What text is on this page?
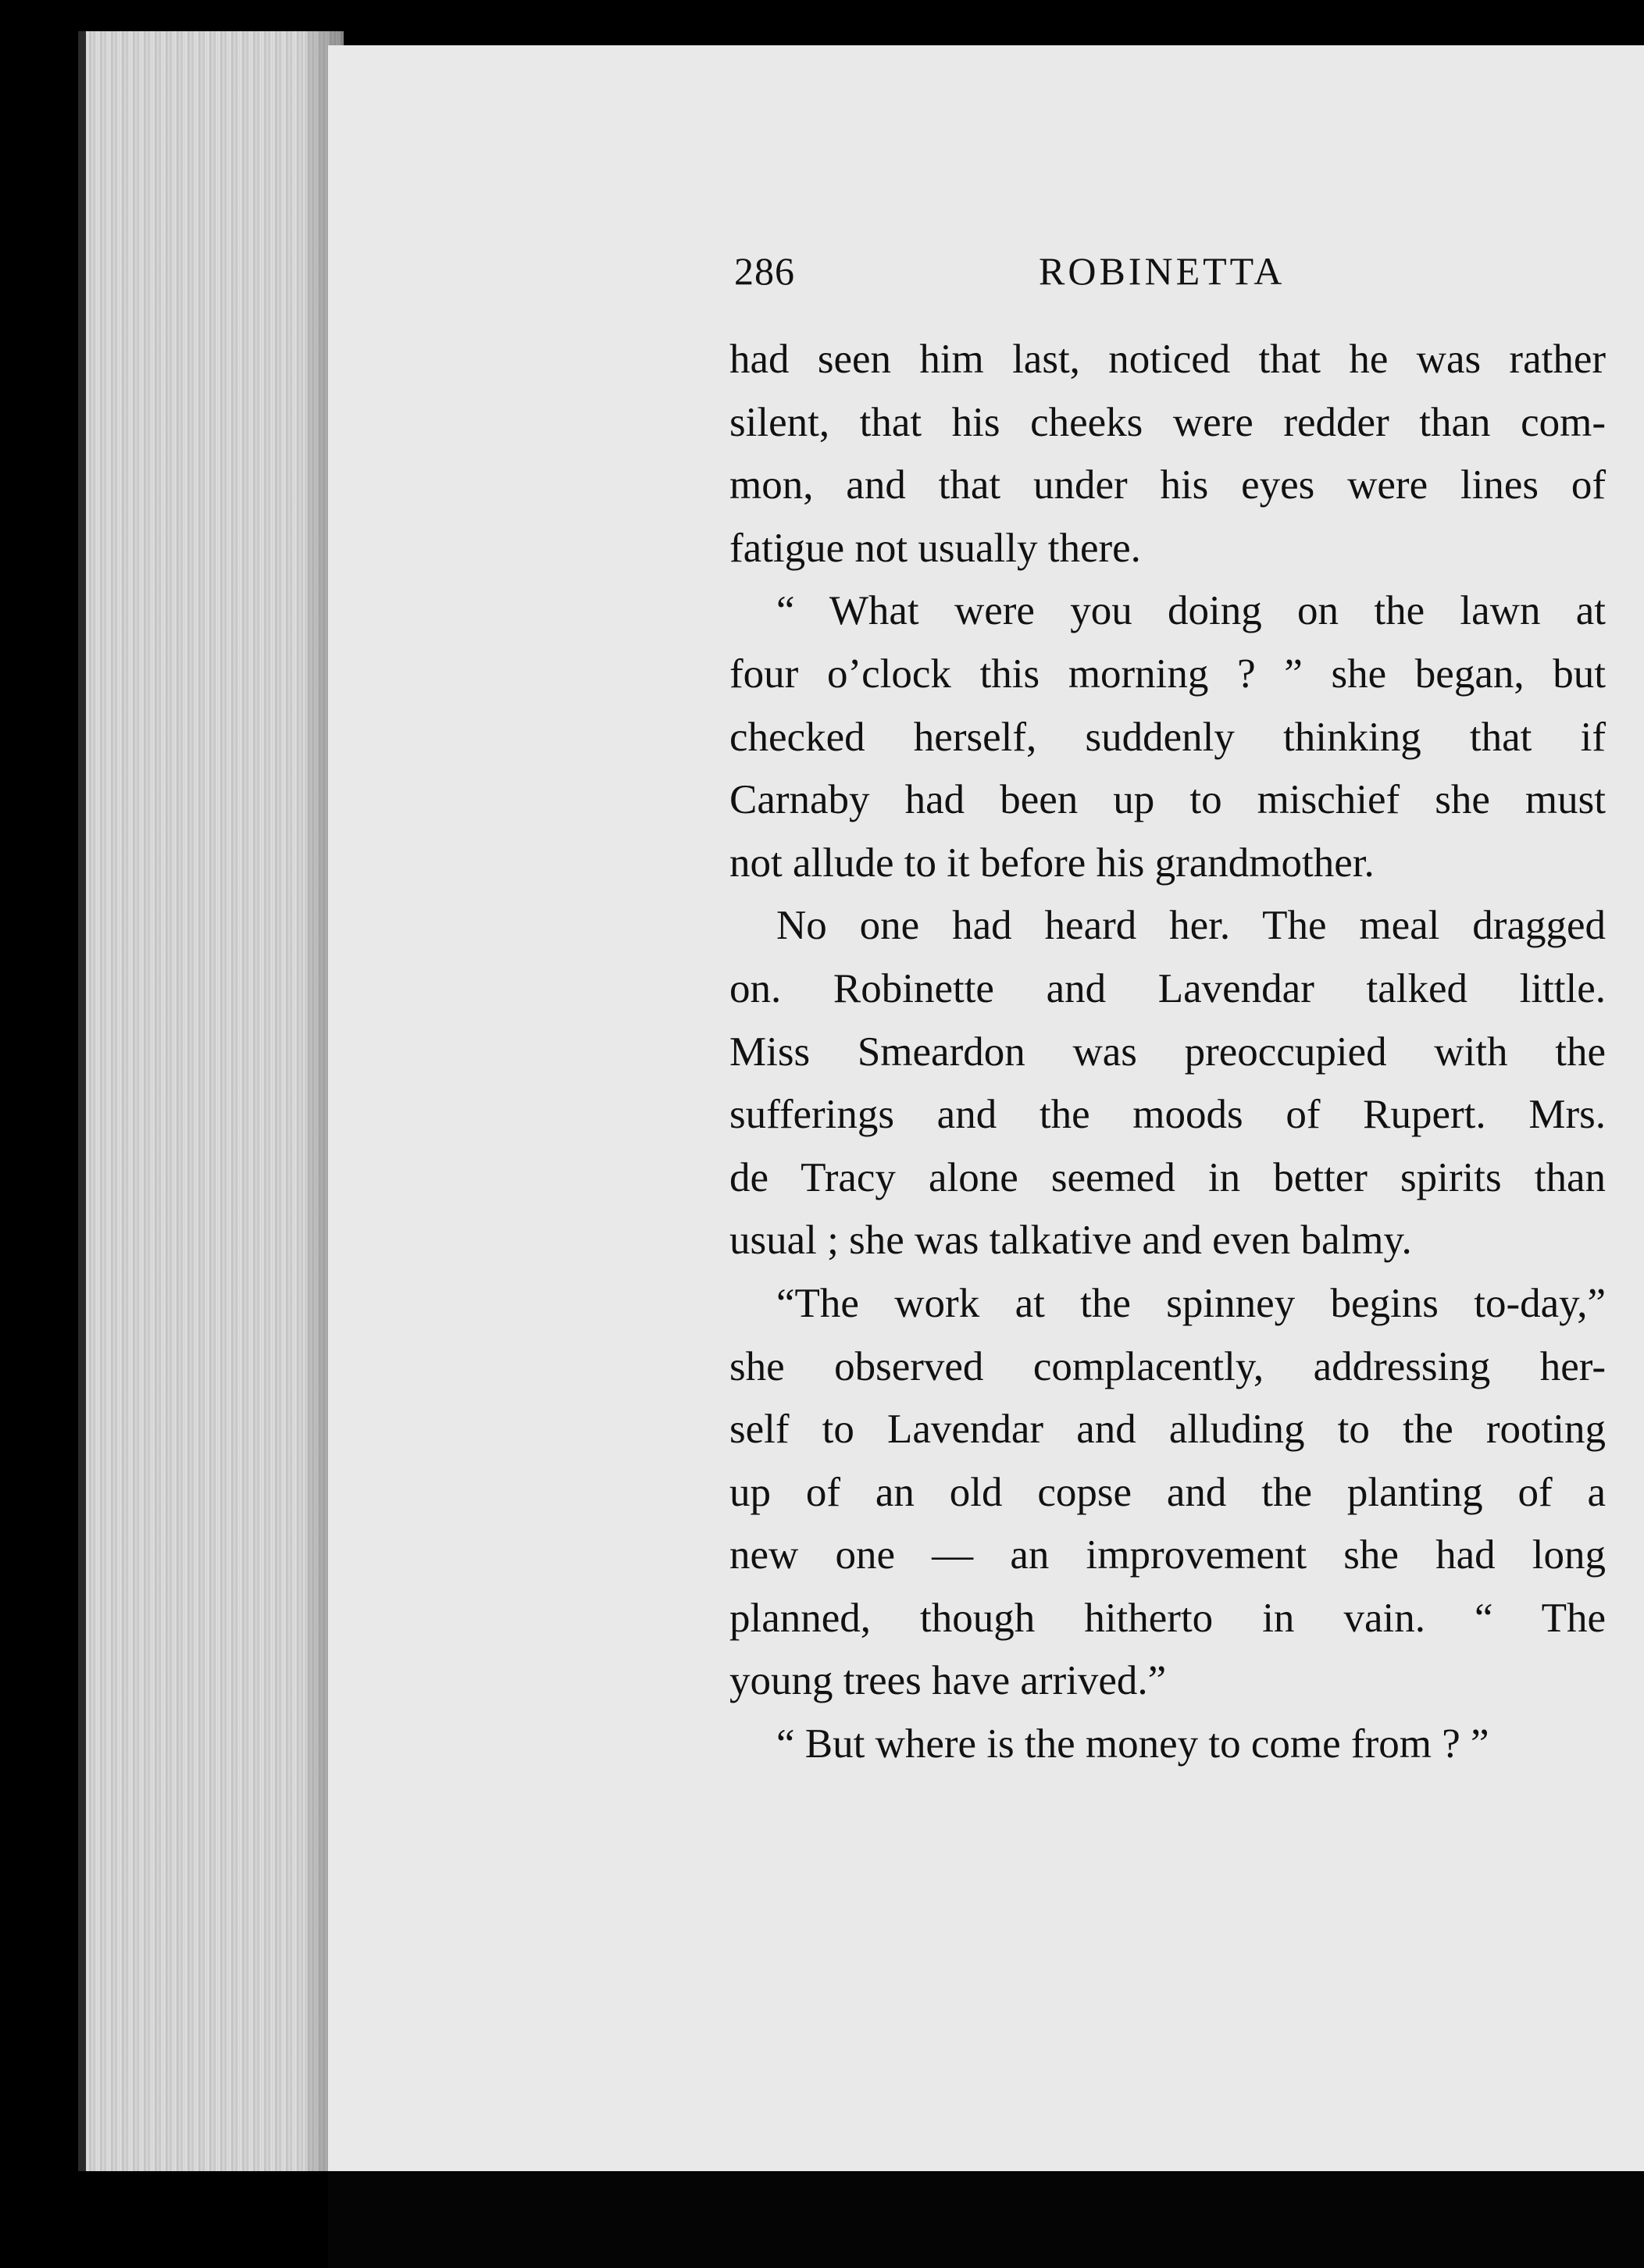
286	ROBINETTA
had seen him last, noticed that he was rather
silent, that his cheeks were redder than com-
mon, and that under his eyes were lines of
fatigue not usually there.
“ What were you doing on the lawn at
four o’clock this morning ? ” she began, but
checked herself, suddenly thinking that if
Carnaby had been up to mischief she must
not allude to it before his grandmother.
No one had heard her. The meal dragged
on. Robinette and Lavendar talked little.
Miss Smeardon was preoccupied with the
sufferings and the moods of Rupert. Mrs.
de Tracy alone seemed in better spirits than
usual ; she was talkative and even balmy.
“The work at the spinney begins to-day,”
she observed complacently, addressing her-
self to Lavendar and alluding to the rooting
up of an old copse and the planting of a
new one — an improvement she had long
planned, though hitherto in vain. “ The
young trees have arrived.”
“ But where is the money to come from ? ”
